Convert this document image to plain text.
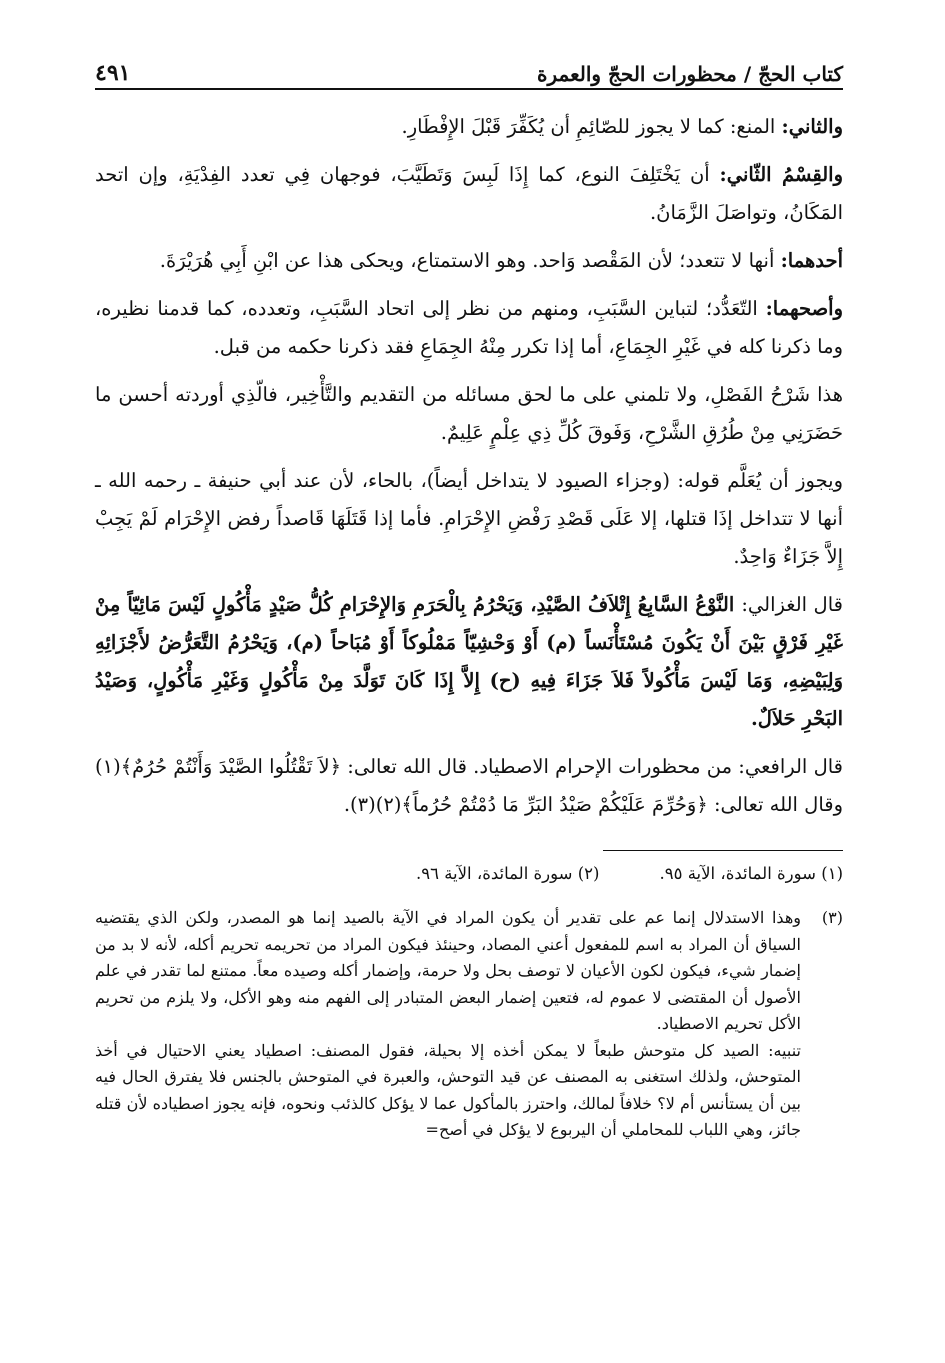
كتاب الحجّ / محظورات الحجّ والعمرة
٤٩١

والثاني: المنع: كما لا يجوز للصّائِمِ أن يُكَفِّرَ قَبْلَ الإِفْطَارِ.

والقِسْمُ الثّاني: أن يَخْتَلِفَ النوع، كما إِذَا لَبِسَ وَتَطَيَّبَ، فوجهان فِي تعدد الفِدْيَةِ، وإن اتحد المَكَانُ، وتواصَلَ الزَّمَانُ.

أحدهما: أنها لا تتعدد؛ لأن المَقْصد وَاحد. وهو الاستمتاع، ويحكى هذا عن ابْنِ أَبِي هُرَيْرَةَ.

وأصحهما: التّعَدُّد؛ لتباين السَّبَبِ، ومنهم من نظر إلى اتحاد السَّبَبِ، وتعدده، كما قدمنا نظيره، وما ذكرنا كله في غَيْرِ الجِمَاعِ، أما إذا تكرر مِنْهُ الجِمَاعِ فقد ذكرنا حكمه من قبل.

هذا شَرْحُ الفَصْلِ، ولا تلمني على ما لحق مسائله من التقديم والتَّأْخِير، فالّذِي أوردته أحسن ما حَضَرَنِي مِنْ طُرُقِ الشَّرْحِ، وَفَوقَ كُلِّ ذِي عِلْمٍ عَلِيمٌ.

ويجوز أن يُعَلَّم قوله: (وجزاء الصيود لا يتداخل أيضاً)، بالحاء، لأن عند أبي حنيفة ـ رحمه الله ـ أنها لا تتداخل إذَا قتلها، إلا عَلَى قَصْدِ رَفْضِ الإِحْرَامِ. فأما إذا قَتَلَهَا قَاصداً رفض الإِحْرَام لَمْ يَجِبْ إِلاَّ جَزَاءٌ وَاحِدٌ.

قال الغزالي: النَّوْعُ السَّابِعُ إِتْلاَفُ الصَّيْدِ، وَيَحْرُمُ بِالْحَرَمِ وَالإِحْرَامِ كُلُّ صَيْدٍ مَأْكُولٍ لَيْسَ مَائِيّاً مِنْ غَيْرِ فَرْقٍ بَيْنَ أَنْ يَكُونَ مُسْتَأْنَساً (م) أَوْ وَحْشِيّاً مَمْلُوكاً أَوْ مُبَاحاً (م)، وَيَحْرُمُ التَّعَرُّضُ لأَجْزَائِهِ وَلِبَيْضِهِ، وَمَا لَيْسَ مَأْكُولاً فَلاَ جَزَاءَ فِيهِ (ح) إِلاَّ إِذَا كَانَ تَوَلَّدَ مِنْ مَأْكُولٍ وَغَيْرِ مَأْكُولٍ، وَصَيْدُ البَحْرِ حَلاَلٌ.

قال الرافعي: من محظورات الإحرام الاصطياد. قال الله تعالى: ﴿لاَ تَقْتُلُوا الصَّيْدَ وَأَنْتُمْ حُرُمٌ﴾(١) وقال الله تعالى: ﴿وَحُرِّمَ عَلَيْكُمْ صَيْدُ البَرِّ مَا دُمْتُمْ حُرُماً﴾(٢)(٣).

(١) سورة المائدة، الآية ٩٥.
(٢) سورة المائدة، الآية ٩٦.
(٣)

وهذا الاستدلال إنما عم على تقدير أن يكون المراد في الآية بالصيد إنما هو المصدر، ولكن الذي يقتضيه السياق أن المراد به اسم للمفعول أعني المصاد، وحينئذ فيكون المراد من تحريمه تحريم أكله، لأنه لا بد من إضمار شيء، فيكون لكون الأعيان لا توصف بحل ولا حرمة، وإضمار أكله وصيده معاً. ممتنع لما تقدر في علم الأصول أن المقتضى لا عموم له، فتعين إضمار البعض المتبادر إلى الفهم منه وهو الأكل، ولا يلزم من تحريم الأكل تحريم الاصطياد.

تنبيه: الصيد كل متوحش طبعاً لا يمكن أخذه إلا بحيلة، فقول المصنف: اصطياد يعني الاحتيال في أخذ المتوحش، ولذلك استغنى به المصنف عن قيد التوحش، والعبرة في المتوحش بالجنس فلا يفترق الحال فيه بين أن يستأنس أم لا؟ خلافاً لمالك، واحترز بالمأكول عما لا يؤكل كالذئب ونحوه، فإنه يجوز اصطياده لأن قتله جائز، وهي اللباب للمحاملي أن اليربوع لا يؤكل في أصح=
